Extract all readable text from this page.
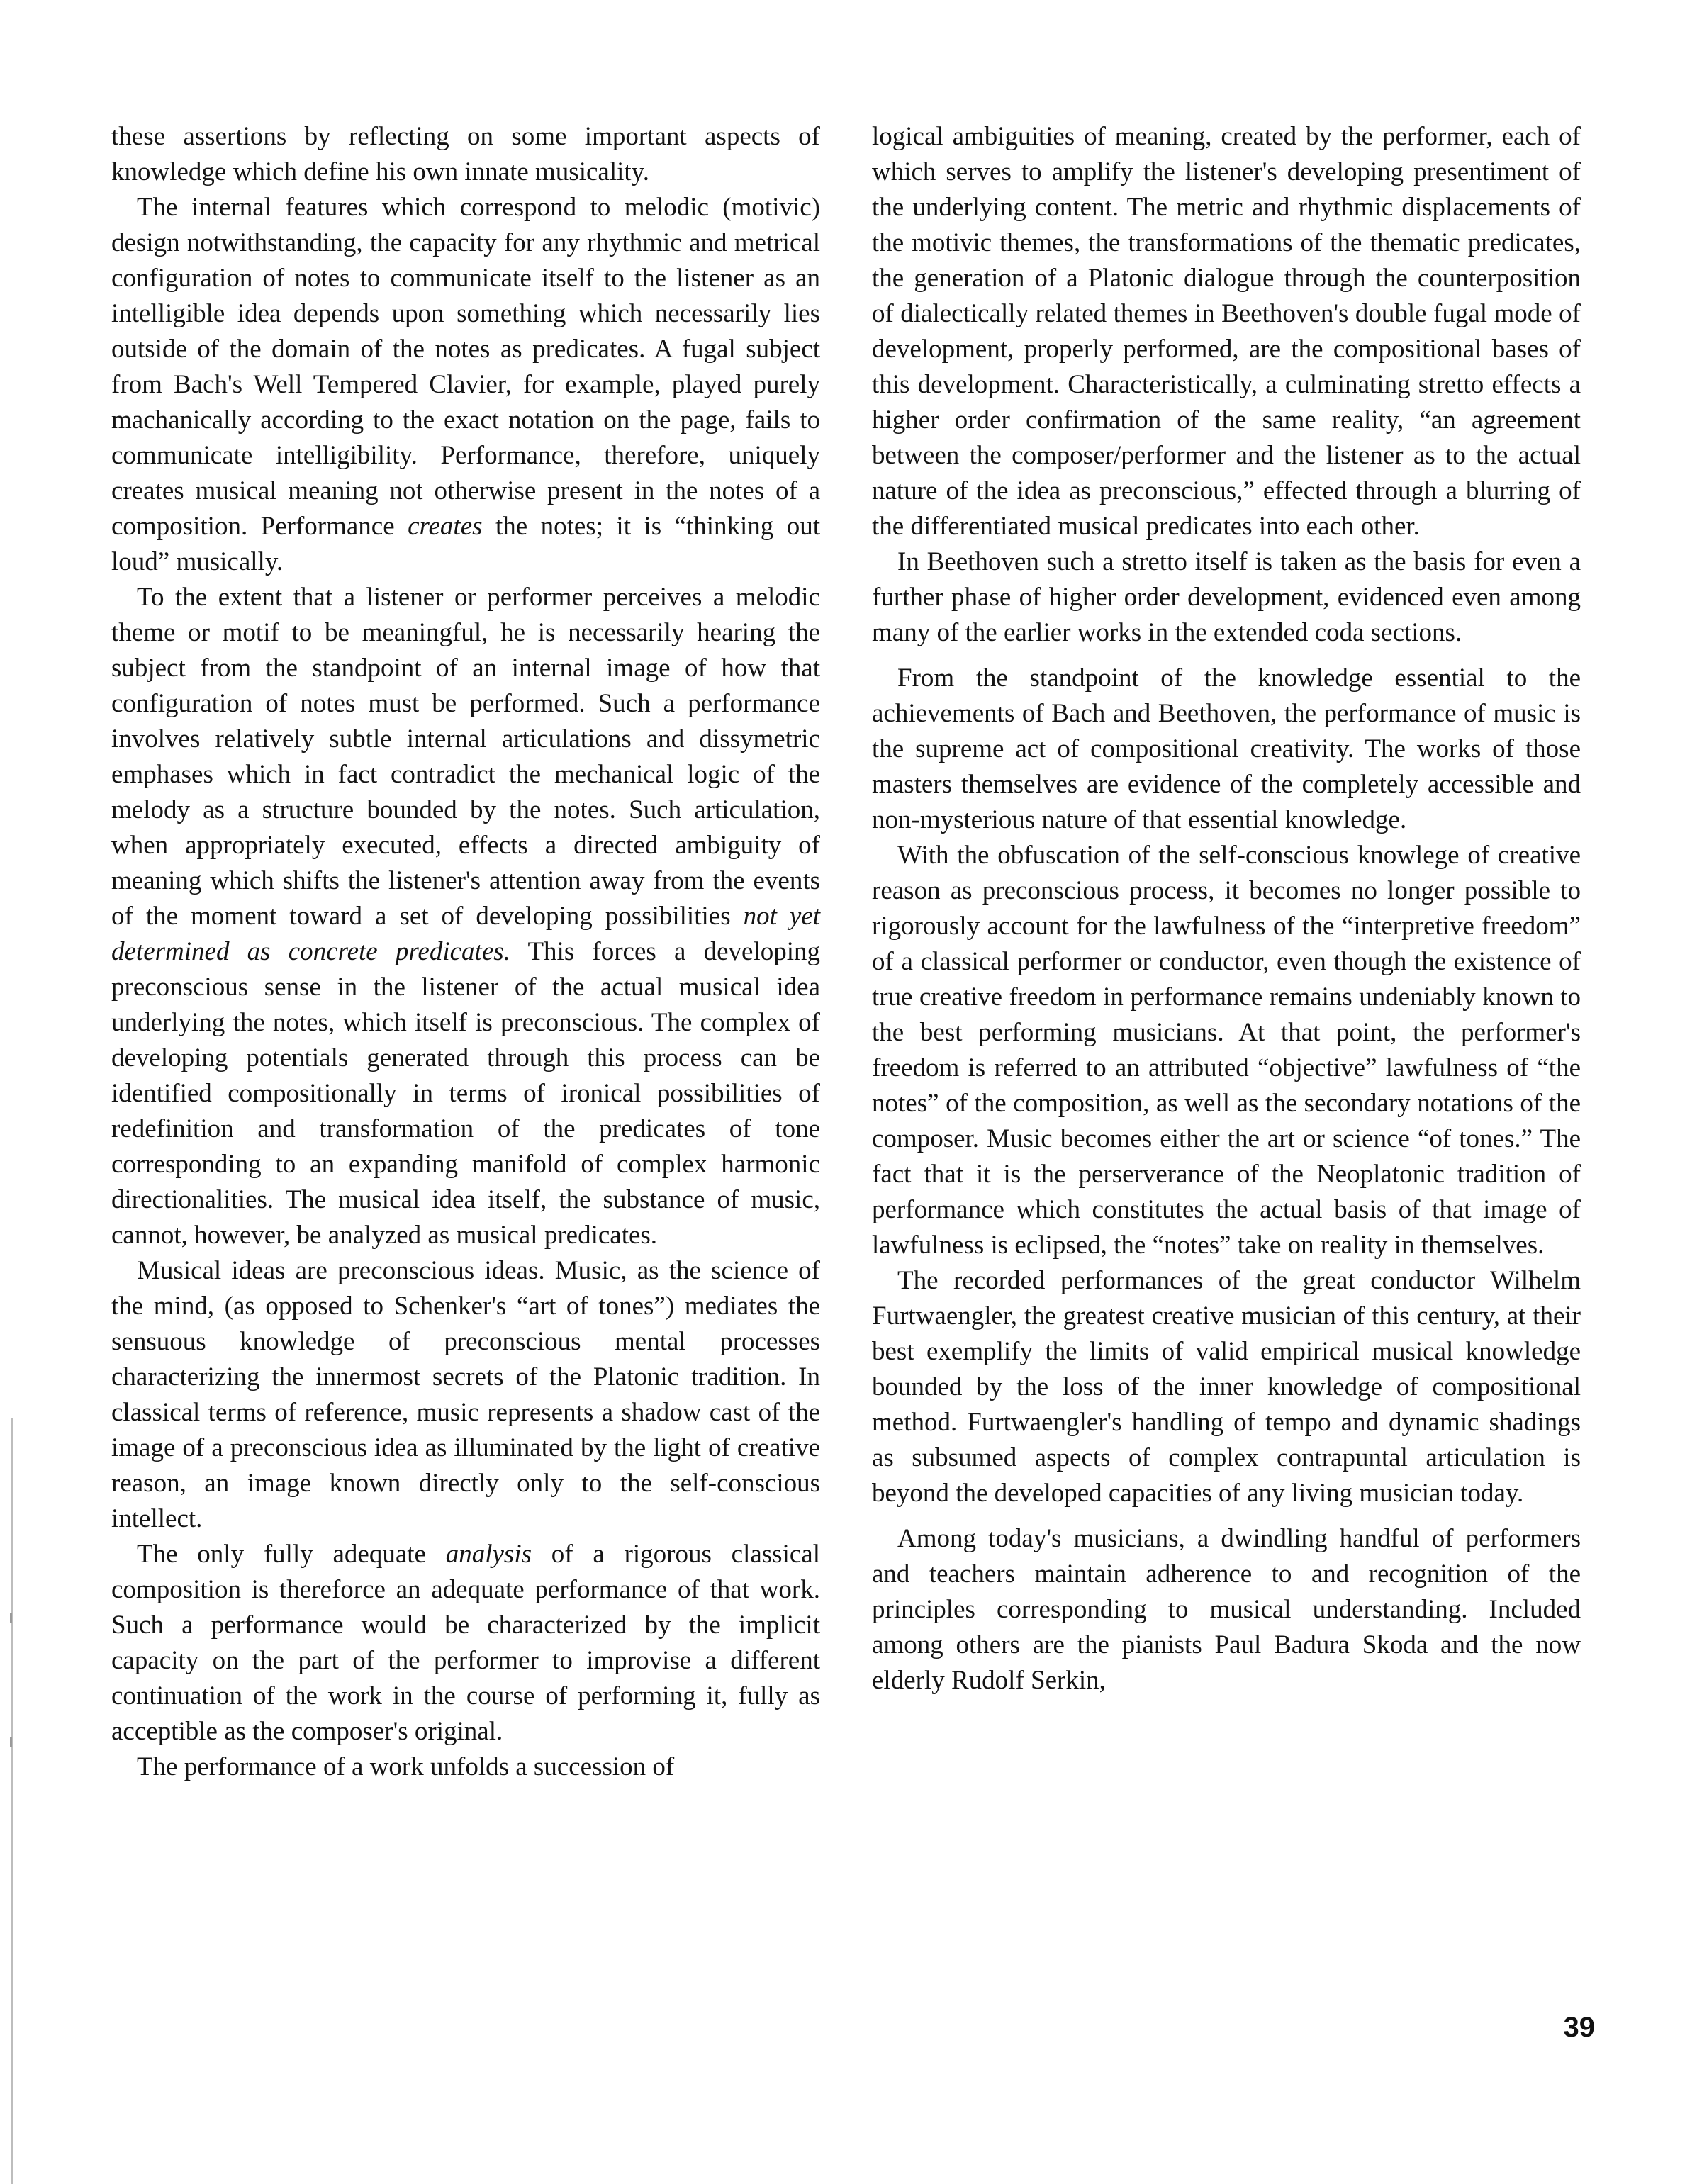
these assertions by reflecting on some important aspects of knowledge which define his own innate musicality.

The internal features which correspond to melodic (motivic) design notwithstanding, the capacity for any rhythmic and metrical configuration of notes to communicate itself to the listener as an intelligible idea depends upon something which necessarily lies outside of the domain of the notes as predicates. A fugal subject from Bach's Well Tempered Clavier, for example, played purely machanically according to the exact notation on the page, fails to communicate intelligibility. Performance, therefore, uniquely creates musical meaning not otherwise present in the notes of a composition. Performance creates the notes; it is “thinking out loud” musically.

To the extent that a listener or performer perceives a melodic theme or motif to be meaningful, he is necessarily hearing the subject from the standpoint of an internal image of how that configuration of notes must be performed. Such a performance involves relatively subtle internal articulations and dissymetric emphases which in fact contradict the mechanical logic of the melody as a structure bounded by the notes. Such articulation, when appropriately executed, effects a directed ambiguity of meaning which shifts the listener's attention away from the events of the moment toward a set of developing possibilities not yet determined as concrete predicates. This forces a developing preconscious sense in the listener of the actual musical idea underlying the notes, which itself is preconscious. The complex of developing potentials generated through this process can be identified compositionally in terms of ironical possibilities of redefinition and transformation of the predicates of tone corresponding to an expanding manifold of complex harmonic directionalities. The musical idea itself, the substance of music, cannot, however, be analyzed as musical predicates.

Musical ideas are preconscious ideas. Music, as the science of the mind, (as opposed to Schenker's “art of tones”) mediates the sensuous knowledge of preconscious mental processes characterizing the innermost secrets of the Platonic tradition. In classical terms of reference, music represents a shadow cast of the image of a preconscious idea as illuminated by the light of creative reason, an image known directly only to the self-conscious intellect.

The only fully adequate analysis of a rigorous classical composition is thereforce an adequate performance of that work. Such a performance would be characterized by the implicit capacity on the part of the performer to improvise a different continuation of the work in the course of performing it, fully as acceptible as the composer's original.

The performance of a work unfolds a succession of

logical ambiguities of meaning, created by the performer, each of which serves to amplify the listener's developing presentiment of the underlying content. The metric and rhythmic displacements of the motivic themes, the transformations of the thematic predicates, the generation of a Platonic dialogue through the counterposition of dialectically related themes in Beethoven's double fugal mode of development, properly performed, are the compositional bases of this development. Characteristically, a culminating stretto effects a higher order confirmation of the same reality, “an agreement between the composer/performer and the listener as to the actual nature of the idea as preconscious,” effected through a blurring of the differentiated musical predicates into each other.

In Beethoven such a stretto itself is taken as the basis for even a further phase of higher order development, evidenced even among many of the earlier works in the extended coda sections.

From the standpoint of the knowledge essential to the achievements of Bach and Beethoven, the performance of music is the supreme act of compositional creativity. The works of those masters themselves are evidence of the completely accessible and non-mysterious nature of that essential knowledge.

With the obfuscation of the self-conscious knowlege of creative reason as preconscious process, it becomes no longer possible to rigorously account for the lawfulness of the “interpretive freedom” of a classical performer or conductor, even though the existence of true creative freedom in performance remains undeniably known to the best performing musicians. At that point, the performer's freedom is referred to an attributed “objective” lawfulness of “the notes” of the composition, as well as the secondary notations of the composer. Music becomes either the art or science “of tones.” The fact that it is the perserverance of the Neoplatonic tradition of performance which constitutes the actual basis of that image of lawfulness is eclipsed, the “notes” take on reality in themselves.

The recorded performances of the great conductor Wilhelm Furtwaengler, the greatest creative musician of this century, at their best exemplify the limits of valid empirical musical knowledge bounded by the loss of the inner knowledge of compositional method. Furtwaengler's handling of tempo and dynamic shadings as subsumed aspects of complex contrapuntal articulation is beyond the developed capacities of any living musician today.

Among today's musicians, a dwindling handful of performers and teachers maintain adherence to and recognition of the principles corresponding to musical understanding. Included among others are the pianists Paul Badura Skoda and the now elderly Rudolf Serkin,

39
